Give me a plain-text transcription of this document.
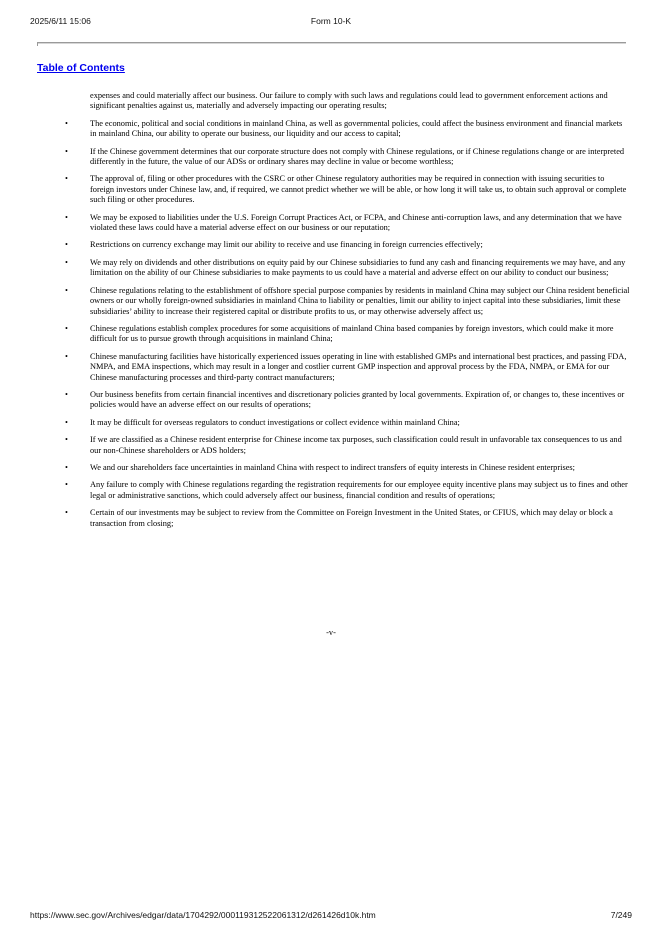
2025/6/11 15:06	Form 10-K
Table of Contents

expenses and could materially affect our business. Our failure to comply with such laws and regulations could lead to government enforcement actions and significant penalties against us, materially and adversely impacting our operating results;

•	The economic, political and social conditions in mainland China, as well as governmental policies, could affect the business environment and financial markets in mainland China, our ability to operate our business, our liquidity and our access to capital;
•	If the Chinese government determines that our corporate structure does not comply with Chinese regulations, or if Chinese regulations change or are interpreted differently in the future, the value of our ADSs or ordinary shares may decline in value or become worthless;
•	The approval of, filing or other procedures with the CSRC or other Chinese regulatory authorities may be required in connection with issuing securities to foreign investors under Chinese law, and, if required, we cannot predict whether we will be able, or how long it will take us, to obtain such approval or complete such filing or other procedures.
•	We may be exposed to liabilities under the U.S. Foreign Corrupt Practices Act, or FCPA, and Chinese anti-corruption laws, and any determination that we have violated these laws could have a material adverse effect on our business or our reputation;
•	Restrictions on currency exchange may limit our ability to receive and use financing in foreign currencies effectively;
•	We may rely on dividends and other distributions on equity paid by our Chinese subsidiaries to fund any cash and financing requirements we may have, and any limitation on the ability of our Chinese subsidiaries to make payments to us could have a material and adverse effect on our ability to conduct our business;
•	Chinese regulations relating to the establishment of offshore special purpose companies by residents in mainland China may subject our China resident beneficial owners or our wholly foreign-owned subsidiaries in mainland China to liability or penalties, limit our ability to inject capital into these subsidiaries, limit these subsidiaries’ ability to increase their registered capital or distribute profits to us, or may otherwise adversely affect us;
•	Chinese regulations establish complex procedures for some acquisitions of mainland China based companies by foreign investors, which could make it more difficult for us to pursue growth through acquisitions in mainland China;
•	Chinese manufacturing facilities have historically experienced issues operating in line with established GMPs and international best practices, and passing FDA, NMPA, and EMA inspections, which may result in a longer and costlier current GMP inspection and approval process by the FDA, NMPA, or EMA for our Chinese manufacturing processes and third-party contract manufacturers;
•	Our business benefits from certain financial incentives and discretionary policies granted by local governments. Expiration of, or changes to, these incentives or policies would have an adverse effect on our results of operations;
•	It may be difficult for overseas regulators to conduct investigations or collect evidence within mainland China;
•	If we are classified as a Chinese resident enterprise for Chinese income tax purposes, such classification could result in unfavorable tax consequences to us and our non-Chinese shareholders or ADS holders;
•	We and our shareholders face uncertainties in mainland China with respect to indirect transfers of equity interests in Chinese resident enterprises;
•	Any failure to comply with Chinese regulations regarding the registration requirements for our employee equity incentive plans may subject us to fines and other legal or administrative sanctions, which could adversely affect our business, financial condition and results of operations;
•	Certain of our investments may be subject to review from the Committee on Foreign Investment in the United States, or CFIUS, which may delay or block a transaction from closing;
-v-
https://www.sec.gov/Archives/edgar/data/1704292/000119312522061312/d261426d10k.htm	7/249
